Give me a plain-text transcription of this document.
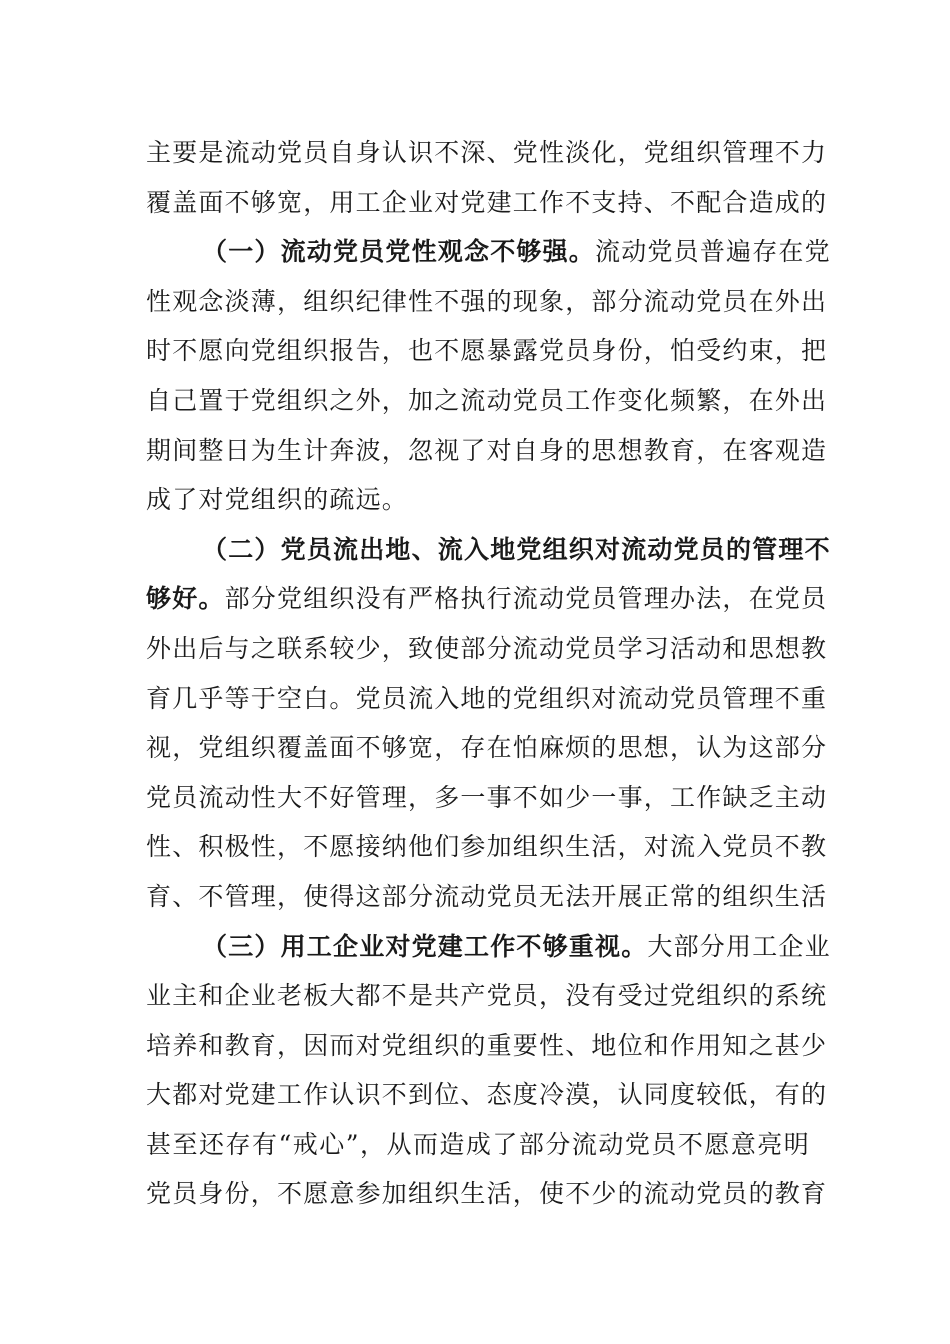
主要是流动党员自身认识不深、党性淡化，党组织管理不力
覆盖面不够宽，用工企业对党建工作不支持、不配合造成的
（一）流动党员党性观念不够强。流动党员普遍存在党
性观念淡薄，组织纪律性不强的现象，部分流动党员在外出
时不愿向党组织报告，也不愿暴露党员身份，怕受约束，把
自己置于党组织之外，加之流动党员工作变化频繁，在外出
期间整日为生计奔波，忽视了对自身的思想教育，在客观造
成了对党组织的疏远。
（二）党员流出地、流入地党组织对流动党员的管理不
够好。部分党组织没有严格执行流动党员管理办法，在党员
外出后与之联系较少，致使部分流动党员学习活动和思想教
育几乎等于空白。党员流入地的党组织对流动党员管理不重
视，党组织覆盖面不够宽，存在怕麻烦的思想，认为这部分
党员流动性大不好管理，多一事不如少一事，工作缺乏主动
性、积极性，不愿接纳他们参加组织生活，对流入党员不教
育、不管理，使得这部分流动党员无法开展正常的组织生活
（三）用工企业对党建工作不够重视。大部分用工企业
业主和企业老板大都不是共产党员，没有受过党组织的系统
培养和教育，因而对党组织的重要性、地位和作用知之甚少
大都对党建工作认识不到位、态度冷漠，认同度较低，有的
甚至还存有“戒心”，从而造成了部分流动党员不愿意亮明
党员身份，不愿意参加组织生活，使不少的流动党员的教育
